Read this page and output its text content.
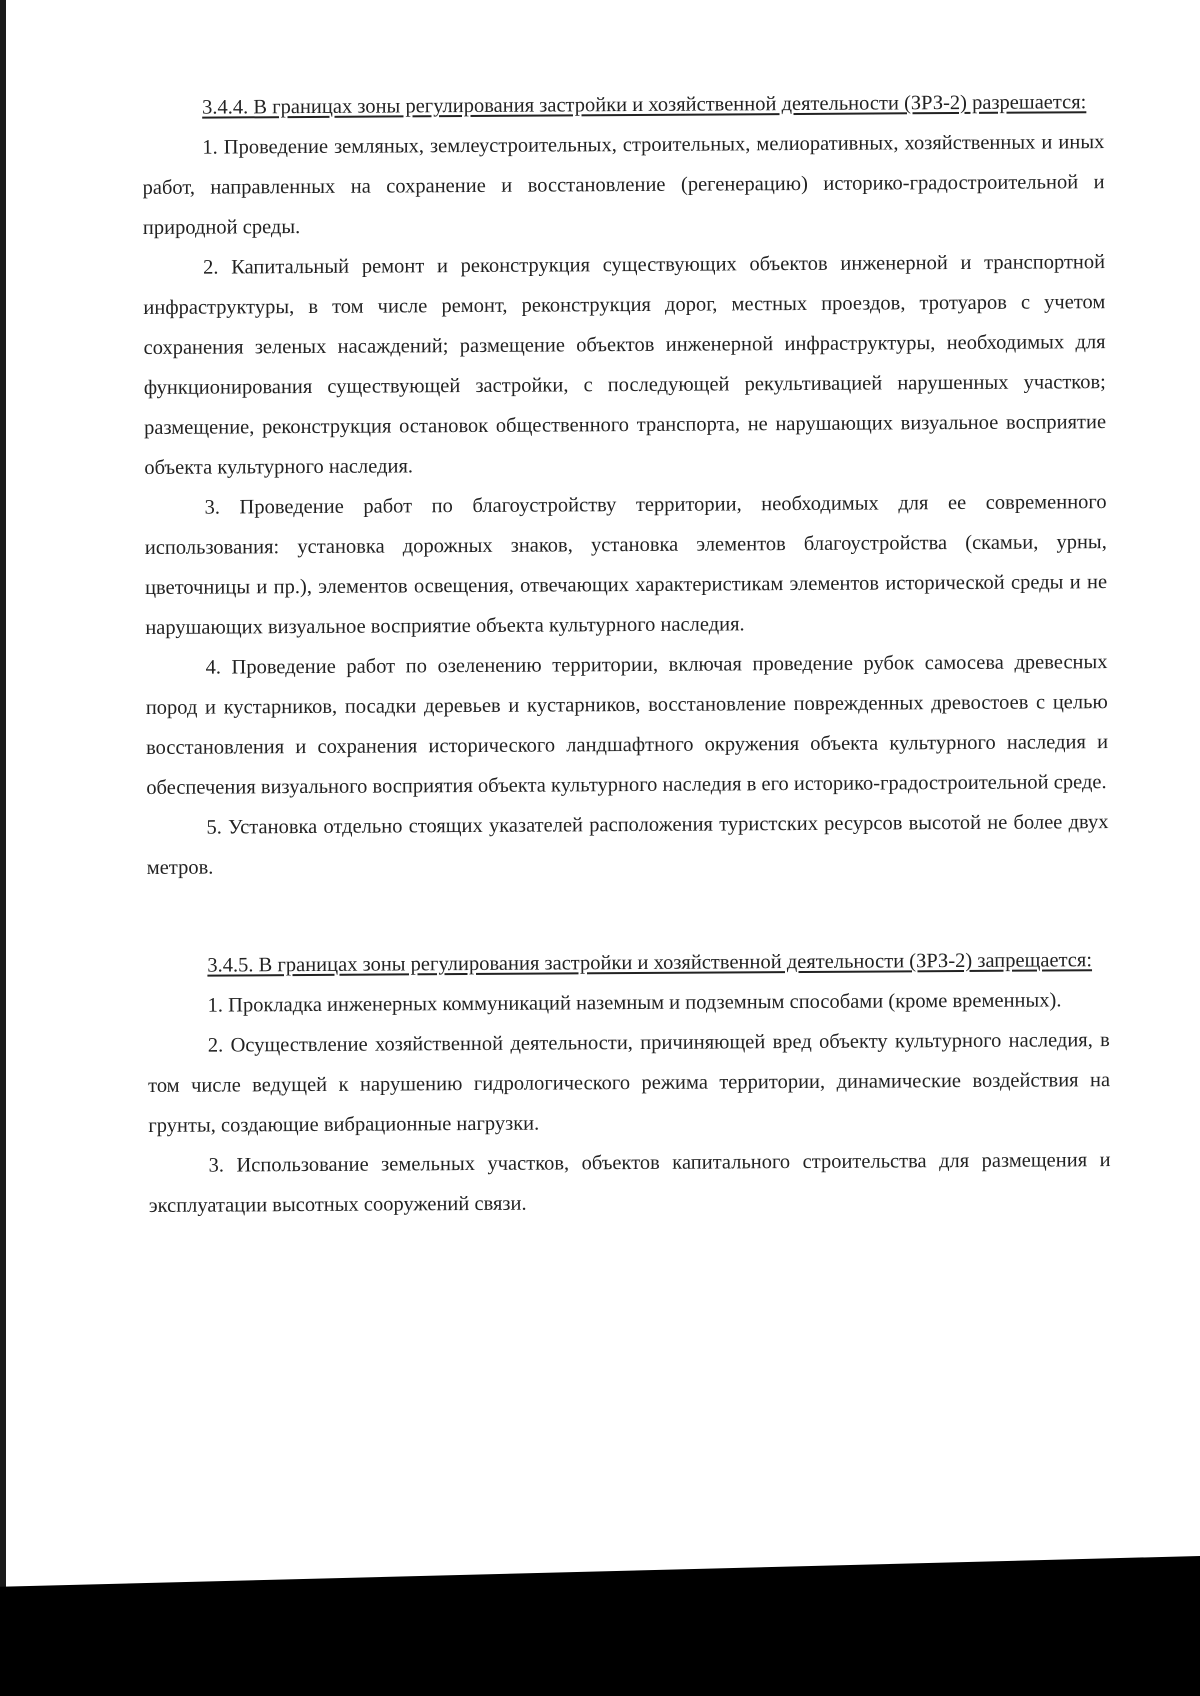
3.4.4. В границах зоны регулирования застройки и хозяйственной деятельности (ЗРЗ-2) разрешается:

1. Проведение земляных, землеустроительных, строительных, мелиоративных, хозяйственных и иных работ, направленных на сохранение и восстановление (регенерацию) историко-градостроительной и природной среды.

2. Капитальный ремонт и реконструкция существующих объектов инженерной и транспортной инфраструктуры, в том числе ремонт, реконструкция дорог, местных проездов, тротуаров с учетом сохранения зеленых насаждений; размещение объектов инженерной инфраструктуры, необходимых для функционирования существующей застройки, с последующей рекультивацией нарушенных участков; размещение, реконструкция остановок общественного транспорта, не нарушающих визуальное восприятие объекта культурного наследия.

3. Проведение работ по благоустройству территории, необходимых для ее современного использования: установка дорожных знаков, установка элементов благоустройства (скамьи, урны, цветочницы и пр.), элементов освещения, отвечающих характеристикам элементов исторической среды и не нарушающих визуальное восприятие объекта культурного наследия.

4. Проведение работ по озеленению территории, включая проведение рубок самосева древесных пород и кустарников, посадки деревьев и кустарников, восстановление поврежденных древостоев с целью восстановления и сохранения исторического ландшафтного окружения объекта культурного наследия и обеспечения визуального восприятия объекта культурного наследия в его историко-градостроительной среде.

5. Установка отдельно стоящих указателей расположения туристских ресурсов высотой не более двух метров.

3.4.5. В границах зоны регулирования застройки и хозяйственной деятельности (ЗРЗ-2) запрещается:

1. Прокладка инженерных коммуникаций наземным и подземным способами (кроме временных).

2. Осуществление хозяйственной деятельности, причиняющей вред объекту культурного наследия, в том числе ведущей к нарушению гидрологического режима территории, динамические воздействия на грунты, создающие вибрационные нагрузки.

3. Использование земельных участков, объектов капитального строительства для размещения и эксплуатации высотных сооружений связи.
